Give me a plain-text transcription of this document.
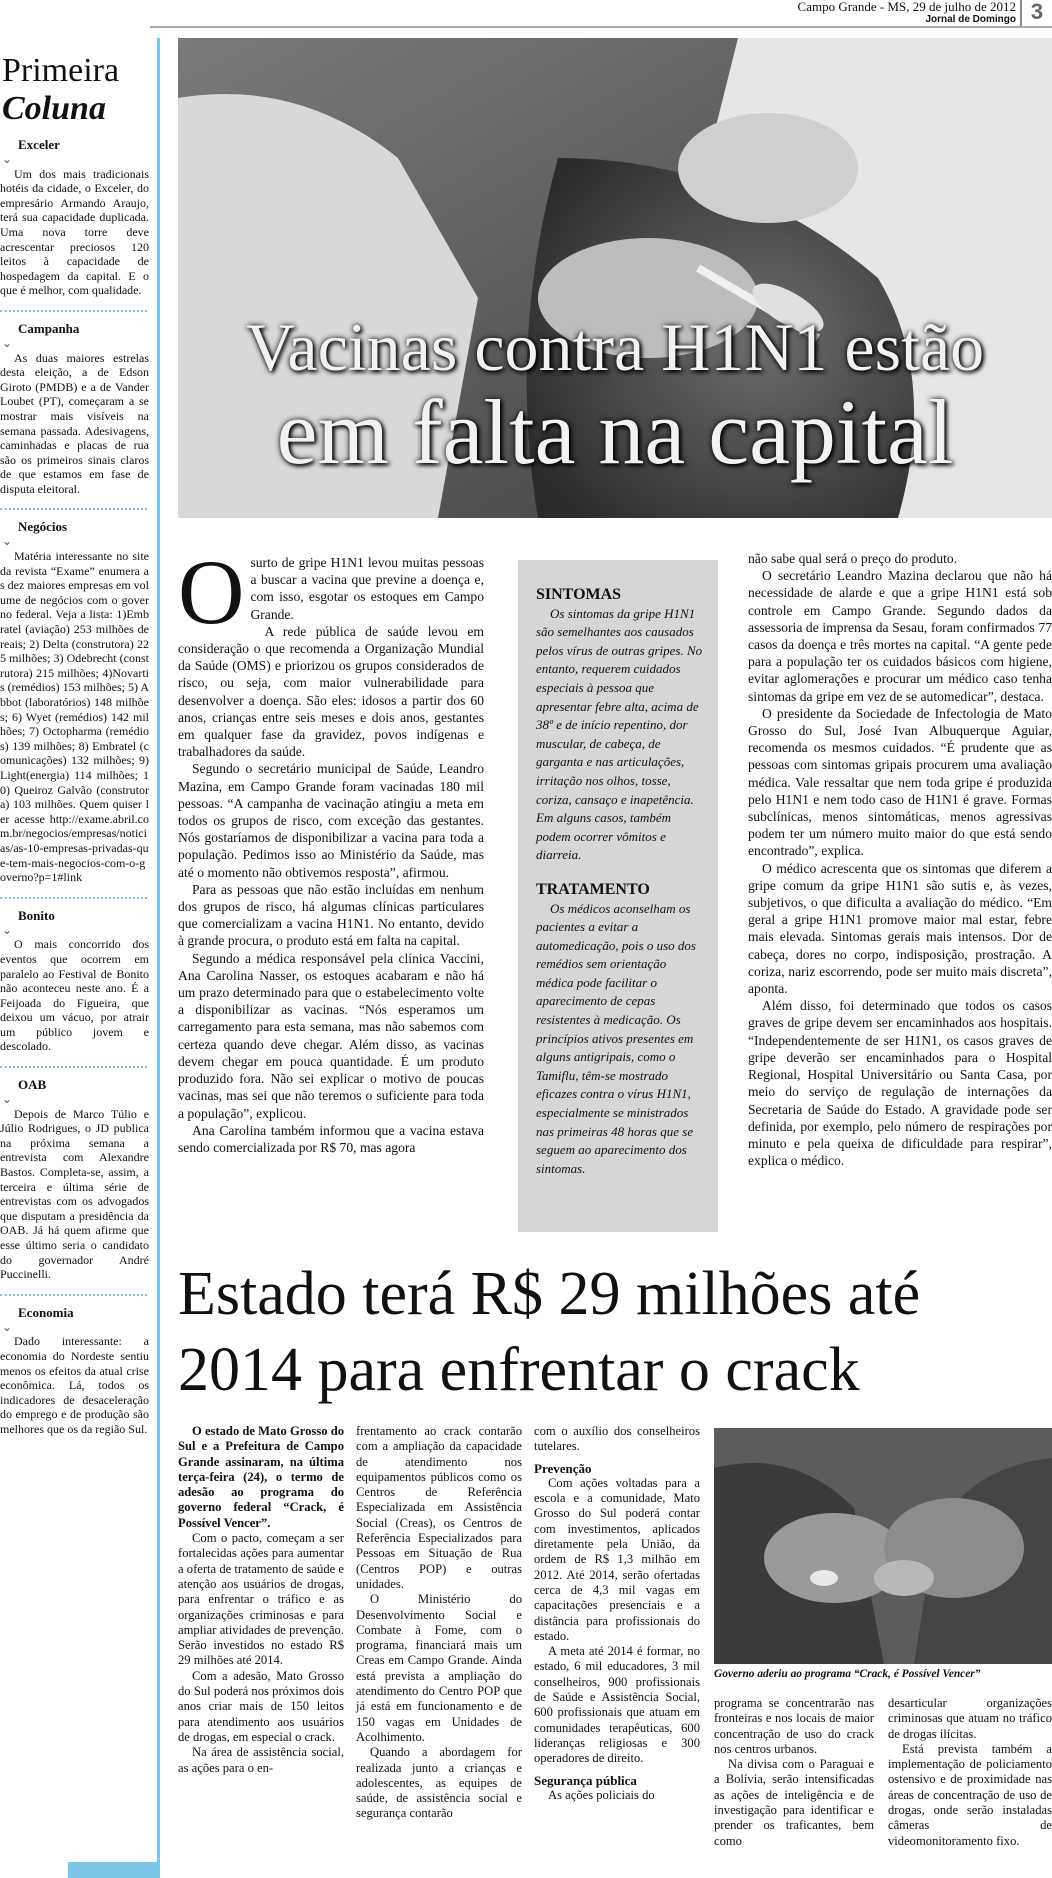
Campo Grande - MS, 29 de julho de 2012
Jornal de Domingo 3
Primeira
Coluna
⌄
Exceler
Um dos mais tradicionais hotéis da cidade, o Exceler, do empresário Armando Araujo, terá sua capacidade duplicada. Uma nova torre deve acrescentar preciosos 120 leitos à capacidade de hospedagem da capital. E o que é melhor, com qualidade.
⌄
Campanha
As duas maiores estrelas desta eleição, a de Edson Giroto (PMDB) e a de Vander Loubet (PT), começaram a se mostrar mais visíveis na semana passada. Adesivagens, caminhadas e placas de rua são os primeiros sinais claros de que estamos em fase de disputa eleitoral.
⌄
Negócios
Matéria interessante no site da revista “Exame” enumera as dez maiores empresas em volume de negócios com o governo federal. Veja a lista: 1)Embratel (aviação) 253 milhões de reais; 2) Delta (construtora) 225 milhões; 3) Odebrecht (construtora) 215 milhões; 4)Novartis (remédios) 153 milhões; 5) Abbot (laboratórios) 148 milhões; 6) Wyet (remédios) 142 milhões; 7) Octopharma (remédios) 139 milhões; 8) Embratel (comunicações) 132 milhões; 9) Light(energia) 114 milhões; 10) Queiroz Galvão (construtora) 103 milhões. Quem quiser ler acesse http://exame.abril.com.br/negocios/empresas/noticias/as-10-empresas-privadas-que-tem-mais-negocios-com-o-governo?p=1#link
⌄
Bonito
O mais concorrido dos eventos que ocorrem em paralelo ao Festival de Bonito não aconteceu neste ano. É a Feijoada do Figueira, que deixou um vácuo, por atrair um público jovem e descolado.
⌄
OAB
Depois de Marco Túlio e Júlio Rodrigues, o JD publica na próxima semana a entrevista com Alexandre Bastos. Completa-se, assim, a terceira e última série de entrevistas com os advogados que disputam a presidência da OAB. Já há quem afirme que esse último seria o candidato do governador André Puccinelli.
⌄
Economia
Dado interessante: a economia do Nordeste sentiu menos os efeitos da atual crise econômica. Lá, todos os indicadores de desaceleração do emprego e de produção são melhores que os da região Sul.
Vacinas contra H1N1 estão
em falta na capital
O surto de gripe H1N1 levou muitas pessoas a buscar a vacina que previne a doença e, com isso, esgotar os estoques em Campo Grande.

A rede pública de saúde levou em consideração o que recomenda a Organização Mundial da Saúde (OMS) e priorizou os grupos considerados de risco, ou seja, com maior vulnerabilidade para desenvolver a doença. São eles: idosos a partir dos 60 anos, crianças entre seis meses e dois anos, gestantes em qualquer fase da gravidez, povos indígenas e trabalhadores da saúde.

Segundo o secretário municipal de Saúde, Leandro Mazina, em Campo Grande foram vacinadas 180 mil pessoas. “A campanha de vacinação atingiu a meta em todos os grupos de risco, com exceção das gestantes. Nós gostaríamos de disponibilizar a vacina para toda a população. Pedimos isso ao Ministério da Saúde, mas até o momento não obtivemos resposta”, afirmou.

Para as pessoas que não estão incluídas em nenhum dos grupos de risco, há algumas clínicas particulares que comercializam a vacina H1N1. No entanto, devido à grande procura, o produto está em falta na capital.

Segundo a médica responsável pela clínica Vaccini, Ana Carolina Nasser, os estoques acabaram e não há um prazo determinado para que o estabelecimento volte a disponibilizar as vacinas. “Nós esperamos um carregamento para esta semana, mas não sabemos com certeza quando deve chegar. Além disso, as vacinas devem chegar em pouca quantidade. É um produto produzido fora. Não sei explicar o motivo de poucas vacinas, mas sei que não teremos o suficiente para toda a população”, explicou.

Ana Carolina também informou que a vacina estava sendo comercializada por R$ 70, mas agora

SINTOMAS

Os sintomas da gripe H1N1 são semelhantes aos causados pelos vírus de outras gripes. No entanto, requerem cuidados especiais à pessoa que apresentar febre alta, acima de 38º e de início repentino, dor muscular, de cabeça, de garganta e nas articulações, irritação nos olhos, tosse, coriza, cansaço e inapetência.

Em alguns casos, também podem ocorrer vômitos e diarreia.

TRATAMENTO

Os médicos aconselham os pacientes a evitar a automedicação, pois o uso dos remédios sem orientação médica pode facilitar o aparecimento de cepas resistentes à medicação. Os princípios ativos presentes em alguns antigripais, como o Tamiflu, têm-se mostrado eficazes contra o vírus H1N1, especialmente se ministrados nas primeiras 48 horas que se seguem ao aparecimento dos sintomas.

não sabe qual será o preço do produto.

O secretário Leandro Mazina declarou que não há necessidade de alarde e que a gripe H1N1 está sob controle em Campo Grande. Segundo dados da assessoria de imprensa da Sesau, foram confirmados 77 casos da doença e três mortes na capital. “A gente pede para a população ter os cuidados básicos com higiene, evitar aglomerações e procurar um médico caso tenha sintomas da gripe em vez de se automedicar”, destaca.

O presidente da Sociedade de Infectologia de Mato Grosso do Sul, José Ivan Albuquerque Aguiar, recomenda os mesmos cuidados. “É prudente que as pessoas com sintomas gripais procurem uma avaliação médica. Vale ressaltar que nem toda gripe é produzida pelo H1N1 e nem todo caso de H1N1 é grave. Formas subclínicas, menos sintomáticas, menos agressivas podem ter um número muito maior do que está sendo encontrado”, explica.

O médico acrescenta que os sintomas que diferem a gripe comum da gripe H1N1 são sutis e, às vezes, subjetivos, o que dificulta a avaliação do médico. “Em geral a gripe H1N1 promove maior mal estar, febre mais elevada. Sintomas gerais mais intensos. Dor de cabeça, dores no corpo, indisposição, prostração. A coriza, nariz escorrendo, pode ser muito mais discreta”, aponta.

Além disso, foi determinado que todos os casos graves de gripe devem ser encaminhados aos hospitais. “Independentemente de ser H1N1, os casos graves de gripe deverão ser encaminhados para o Hospital Regional, Hospital Universitário ou Santa Casa, por meio do serviço de regulação de internações da Secretaria de Saúde do Estado. A gravidade pode ser definida, por exemplo, pelo número de respirações por minuto e pela queixa de dificuldade para respirar”, explica o médico.

Estado terá R$ 29 milhões até
2014 para enfrentar o crack

O estado de Mato Grosso do Sul e a Prefeitura de Campo Grande assinaram, na última terça-feira (24), o termo de adesão ao programa do governo federal “Crack, é Possível Vencer”.

Com o pacto, começam a ser fortalecidas ações para aumentar a oferta de tratamento de saúde e atenção aos usuários de drogas, para enfrentar o tráfico e as organizações criminosas e para ampliar atividades de prevenção. Serão investidos no estado R$ 29 milhões até 2014.

Com a adesão, Mato Grosso do Sul poderá nos próximos dois anos criar mais de 150 leitos para atendimento aos usuários de drogas, em especial o crack.

Na área de assistência social, as ações para o en-

frentamento ao crack contarão com a ampliação da capacidade de atendimento nos equipamentos públicos como os Centros de Referência Especializada em Assistência Social (Creas), os Centros de Referência Especializados para Pessoas em Situação de Rua (Centros POP) e outras unidades.

O Ministério do Desenvolvimento Social e Combate à Fome, com o programa, financiará mais um Creas em Campo Grande. Ainda está prevista a ampliação do atendimento do Centro POP que já está em funcionamento e de 150 vagas em Unidades de Acolhimento.

Quando a abordagem for realizada junto a crianças e adolescentes, as equipes de saúde, de assistência social e segurança contarão

com o auxílio dos conselheiros tutelares.

Prevenção

Com ações voltadas para a escola e a comunidade, Mato Grosso do Sul poderá contar com investimentos, aplicados diretamente pela União, da ordem de R$ 1,3 milhão em 2012. Até 2014, serão ofertadas cerca de 4,3 mil vagas em capacitações presenciais e a distância para profissionais do estado.

A meta até 2014 é formar, no estado, 6 mil educadores, 3 mil conselheiros, 900 profissionais de Saúde e Assistência Social, 600 profissionais que atuam em comunidades terapêuticas, 600 lideranças religiosas e 300 operadores de direito.

Segurança pública

As ações policiais do

Governo aderiu ao programa “Crack, é Possível Vencer”

programa se concentrarão nas fronteiras e nos locais de maior concentração de uso do crack nos centros urbanos.

Na divisa com o Paraguai e a Bolívia, serão intensificadas as ações de inteligência e de investigação para identificar e prender os traficantes, bem como

desarticular organizações criminosas que atuam no tráfico de drogas ilícitas.

Está prevista também a implementação de policiamento ostensivo e de proximidade nas áreas de concentração de uso de drogas, onde serão instaladas câmeras de videomonitoramento fixo.
